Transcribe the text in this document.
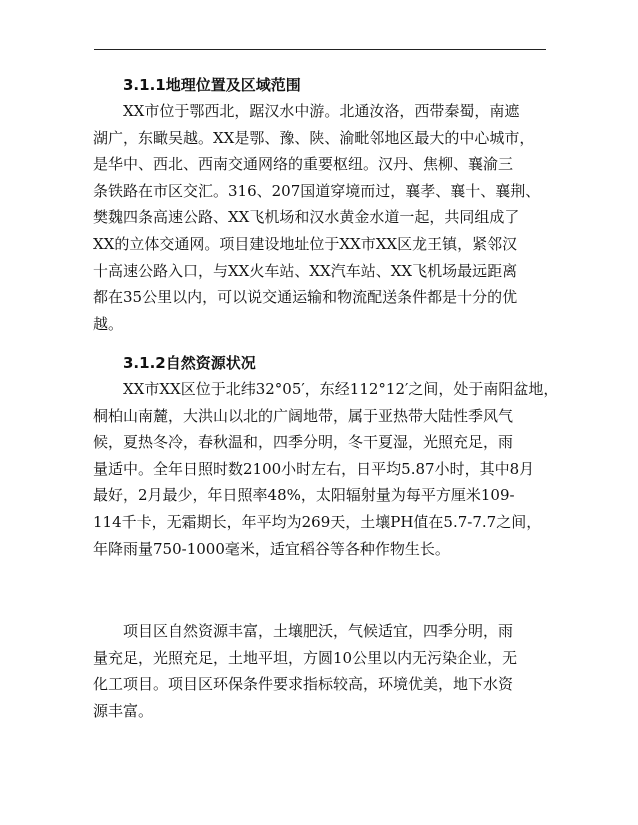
3.1.1地理位置及区域范围
XX市位于鄂西北，踞汉水中游。北通汝洛，西带秦蜀，南遮
湖广，东瞰吴越。XX是鄂、豫、陕、渝毗邻地区最大的中心城市，
是华中、西北、西南交通网络的重要枢纽。汉丹、焦柳、襄渝三
条铁路在市区交汇。316、207国道穿境而过，襄孝、襄十、襄荆、
樊魏四条高速公路、XX飞机场和汉水黄金水道一起，共同组成了
XX的立体交通网。项目建设地址位于XX市XX区龙王镇，紧邻汉
十高速公路入口，与XX火车站、XX汽车站、XX飞机场最远距离
都在35公里以内，可以说交通运输和物流配送条件都是十分的优
越。
3.1.2自然资源状况
XX市XX区位于北纬32°05′，东经112°12′之间，处于南阳盆地，
桐柏山南麓，大洪山以北的广阔地带，属于亚热带大陆性季风气
候，夏热冬冷，春秋温和，四季分明，冬干夏湿，光照充足，雨
量适中。全年日照时数2100小时左右，日平均5.87小时，其中8月
最好，2月最少，年日照率48%，太阳辐射量为每平方厘米109-
114千卡，无霜期长，年平均为269天，土壤PH值在5.7-7.7之间，
年降雨量750-1000毫米，适宜稻谷等各种作物生长。
项目区自然资源丰富，土壤肥沃，气候适宜，四季分明，雨
量充足，光照充足，土地平坦，方圆10公里以内无污染企业，无
化工项目。项目区环保条件要求指标较高，环境优美，地下水资
源丰富。
